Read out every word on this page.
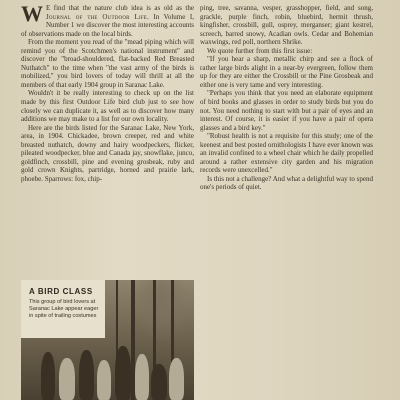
W E find that the nature club idea is as old as the Journal of the Outdoor Life. In Volume I, Number 1 we discover the most interesting accounts of observations made on the local birds.

From the moment you read of the "mead piping which will remind you of the Scotchmen's national instrument" and discover the "broad-shouldered, flat-backed Red Breasted Nuthatch" to the time when "the vast army of the birds is mobilized," you bird lovers of today will thrill at all the members of that early 1904 group in Saranac Lake.

Wouldn't it be really interesting to check up on the list made by this first Outdoor Life bird club just to see how closely we can duplicate it, as well as to discover how many additions we may make to a list for our own locality.

Here are the birds listed for the Saranac Lake, New York, area, in 1904. Chickadee, brown creeper, red and white breasted nuthatch, downy and hairy woodpeckers, flicker, pileated woodpecker, blue and Canada jay, snowflake, junco, goldfinch, crossbill, pine and evening grosbeak, ruby and gold crown Knights, partridge, horned and prairie lark, phoebe. Sparrows: fox, chip-

ping, tree, savanna, vesper, grasshopper, field, and song, grackle, purple finch, robin, bluebird, hermit thrush, kingfisher, crossbill, gull, osprey, merganser; giant kestrel, screech, barred snowy, Acadian owls. Cedar and Bohemian waxwings, red poll, northern Shrike.

We quote further from this first issue:

"If you hear a sharp, metallic chirp and see a flock of rather large birds alight in a near-by evergreen, follow them up for they are either the Crossbill or the Pine Grosbeak and either one is very tame and very interesting.

"Perhaps you think that you need an elaborate equipment of bird books and glasses in order to study birds but you do not. You need nothing to start with but a pair of eyes and an interest. Of course, it is easier if you have a pair of opera glasses and a bird key."

"Robust health is not a requisite for this study; one of the keenest and best posted ornithologists I have ever known was an invalid confined to a wheel chair which he daily propelled around a rather extensive city garden and his migration records were unexcelled."

Is this not a challenge? And what a delightful way to spend one's periods of quiet.

A BIRD CLASS
This group of bird lovers at Saranac Lake appear eager in spite of trailing costumes
